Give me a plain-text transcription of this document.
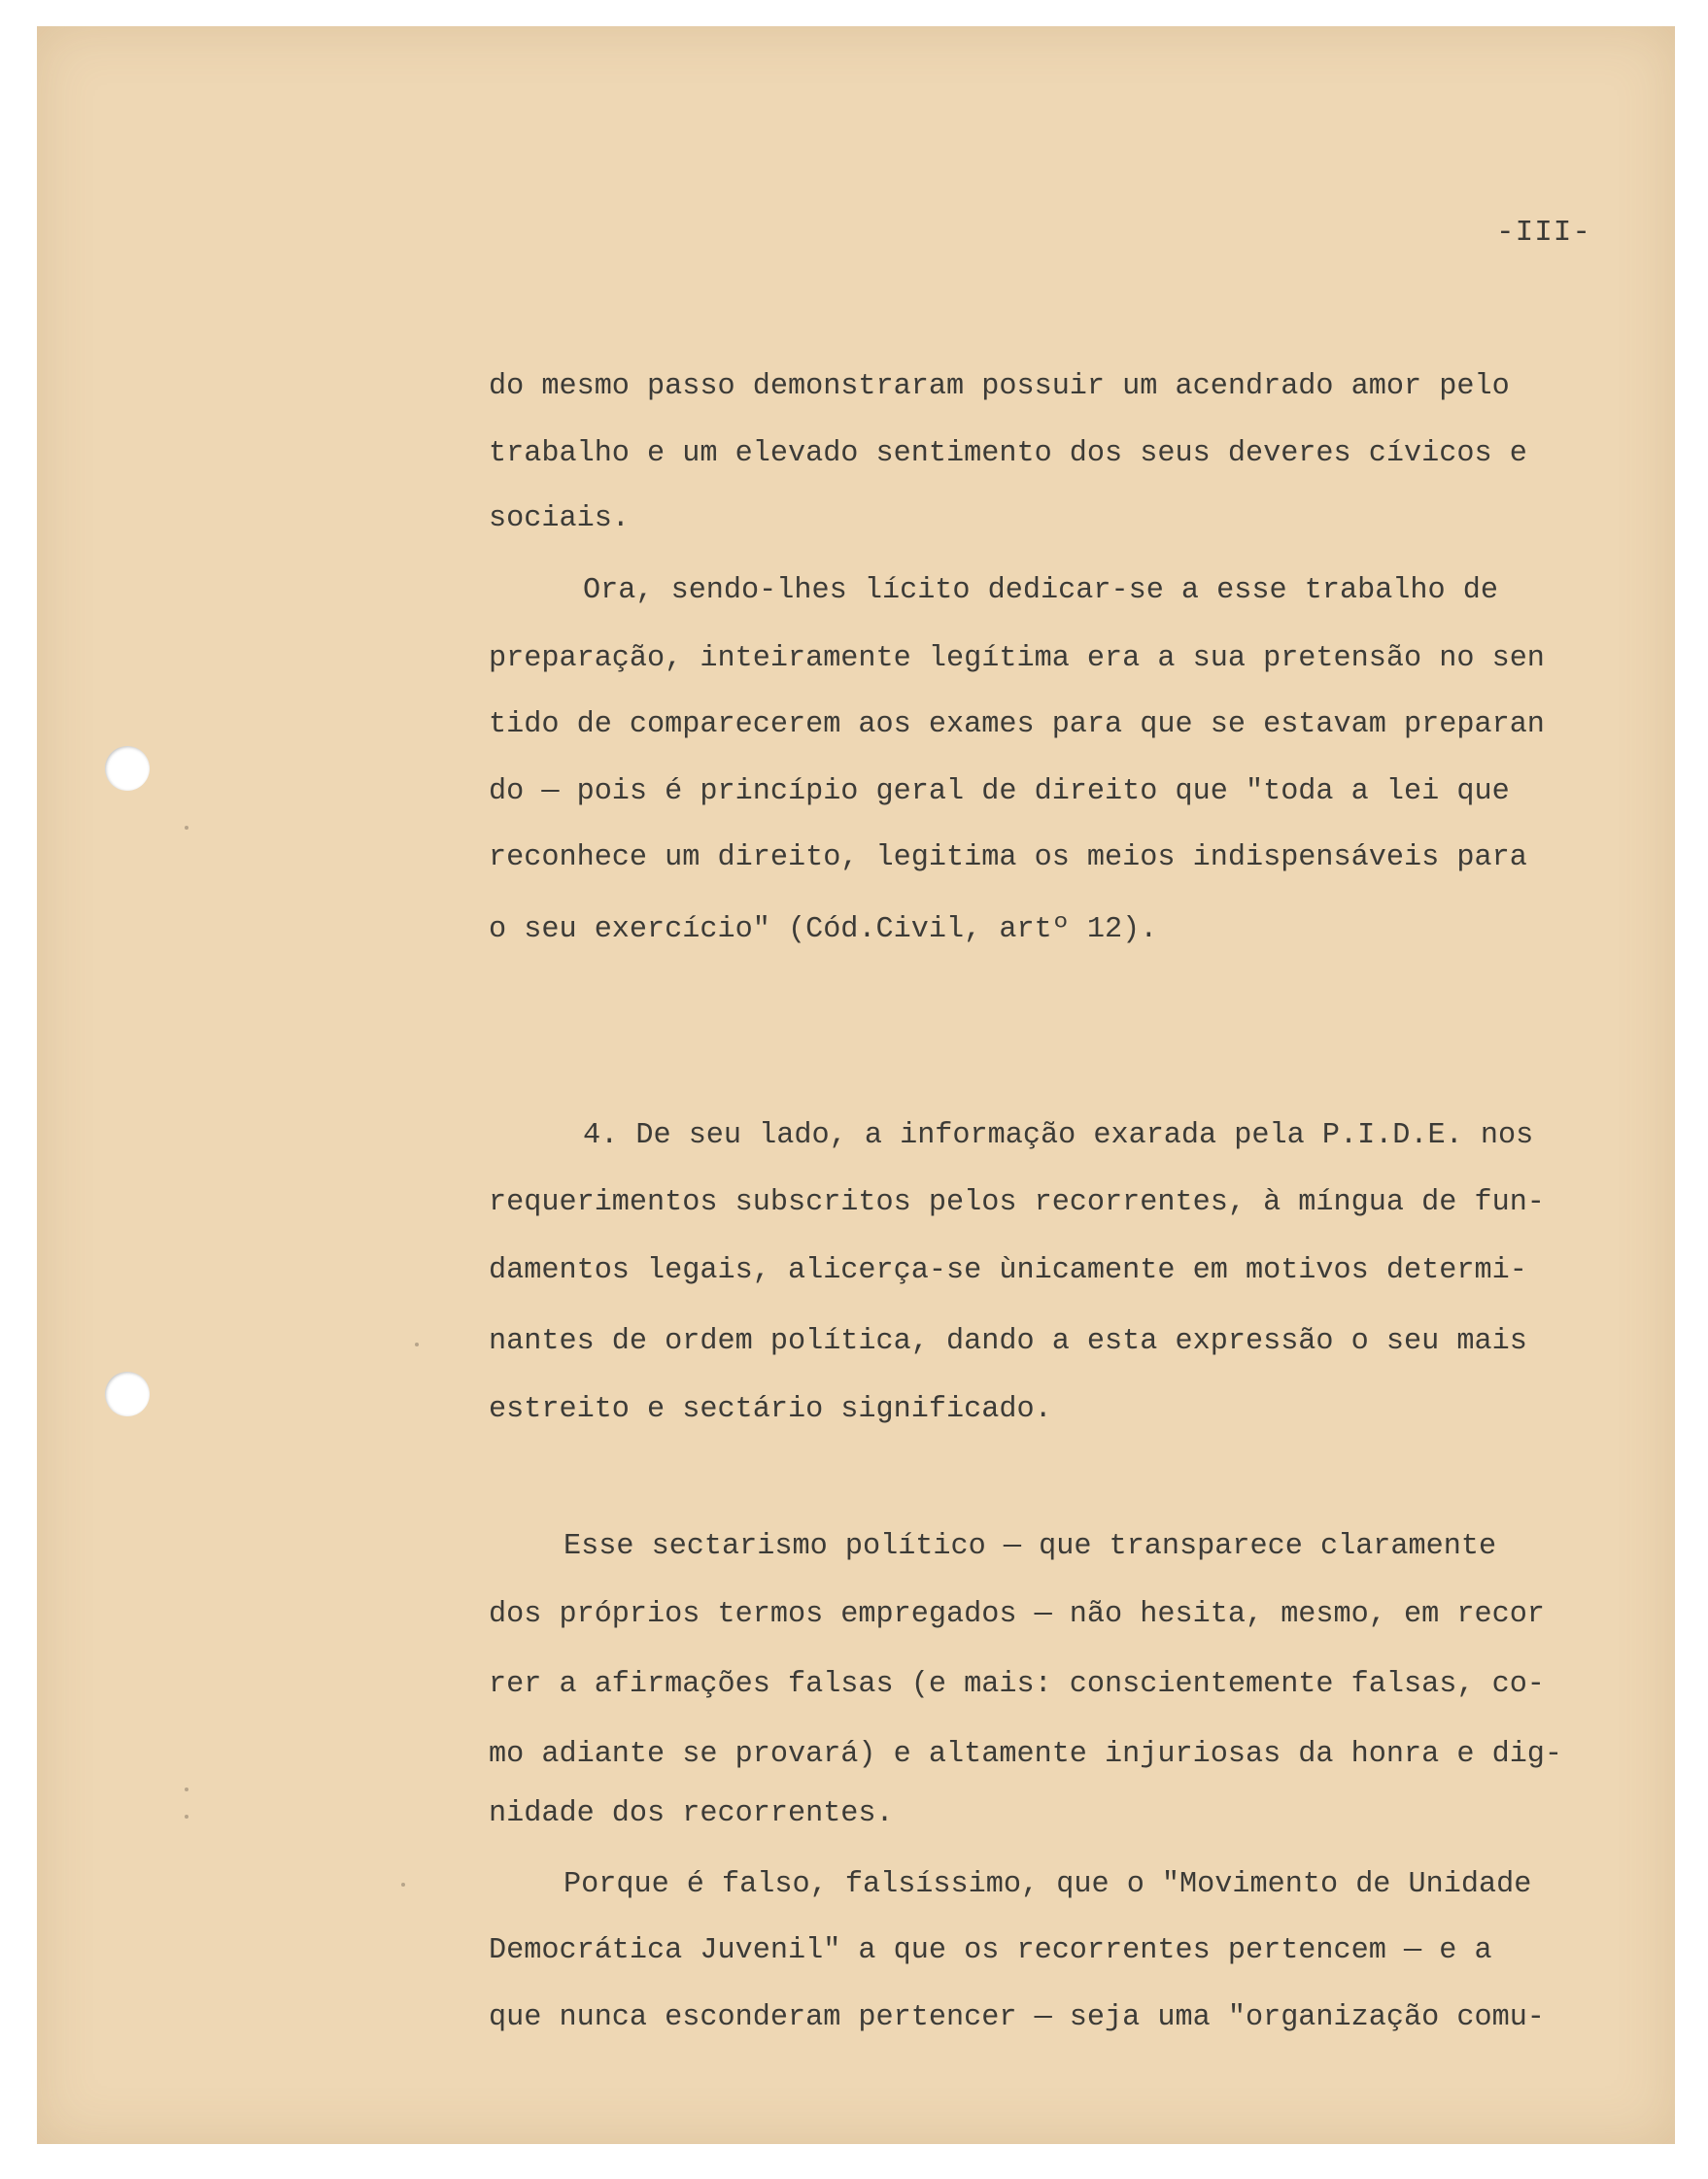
-III-
do mesmo passo demonstraram possuir um acendrado amor pelo
trabalho e um elevado sentimento dos seus deveres cívicos e
sociais.
Ora, sendo-lhes lícito dedicar-se a esse trabalho de
preparação, inteiramente legítima era a sua pretensão no sen
tido de comparecerem aos exames para que se estavam preparan
do — pois é princípio geral de direito que "toda a lei que
reconhece um direito, legitima os meios indispensáveis para
o seu exercício" (Cód.Civil, artº 12).
4. De seu lado, a informação exarada pela P.I.D.E. nos
requerimentos subscritos pelos recorrentes, à míngua de fun-
damentos legais, alicerça-se ùnicamente em motivos determi-
nantes de ordem política, dando a esta expressão o seu mais
estreito e sectário significado.
Esse sectarismo político — que transparece claramente
dos próprios termos empregados — não hesita, mesmo, em recor
rer a afirmações falsas (e mais: conscientemente falsas, co-
mo adiante se provará) e altamente injuriosas da honra e dig-
nidade dos recorrentes.
Porque é falso, falsíssimo, que o "Movimento de Unidade
Democrática Juvenil" a que os recorrentes pertencem — e a
que nunca esconderam pertencer — seja uma "organização comu-
